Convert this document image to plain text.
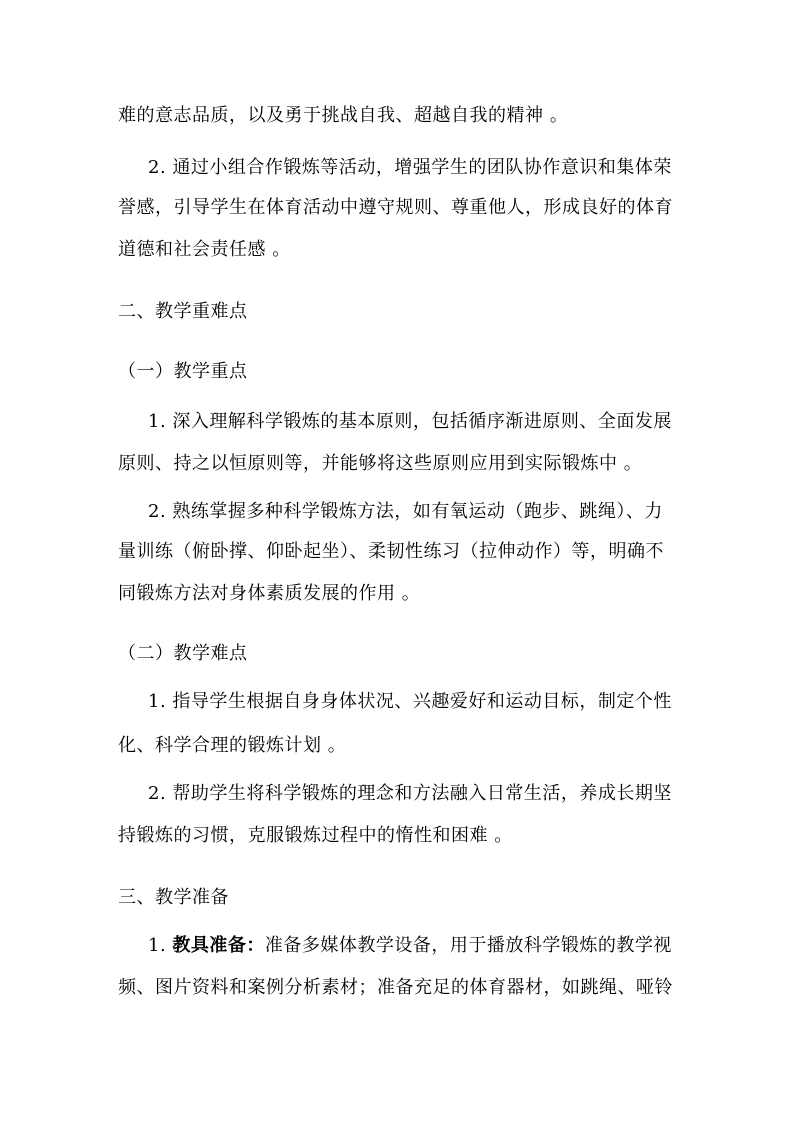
难的意志品质，以及勇于挑战自我、超越自我的精神 。
2. 通过小组合作锻炼等活动，增强学生的团队协作意识和集体荣
誉感，引导学生在体育活动中遵守规则、尊重他人，形成良好的体育
道德和社会责任感 。
二、教学重难点
（一）教学重点
1. 深入理解科学锻炼的基本原则，包括循序渐进原则、全面发展
原则、持之以恒原则等，并能够将这些原则应用到实际锻炼中 。
2. 熟练掌握多种科学锻炼方法，如有氧运动（跑步、跳绳）、力
量训练（俯卧撑、仰卧起坐）、柔韧性练习（拉伸动作）等，明确不
同锻炼方法对身体素质发展的作用 。
（二）教学难点
1. 指导学生根据自身身体状况、兴趣爱好和运动目标，制定个性
化、科学合理的锻炼计划 。
2. 帮助学生将科学锻炼的理念和方法融入日常生活，养成长期坚
持锻炼的习惯，克服锻炼过程中的惰性和困难 。
三、教学准备
1. 教具准备：准备多媒体教学设备，用于播放科学锻炼的教学视
频、图片资料和案例分析素材；准备充足的体育器材，如跳绳、哑铃
